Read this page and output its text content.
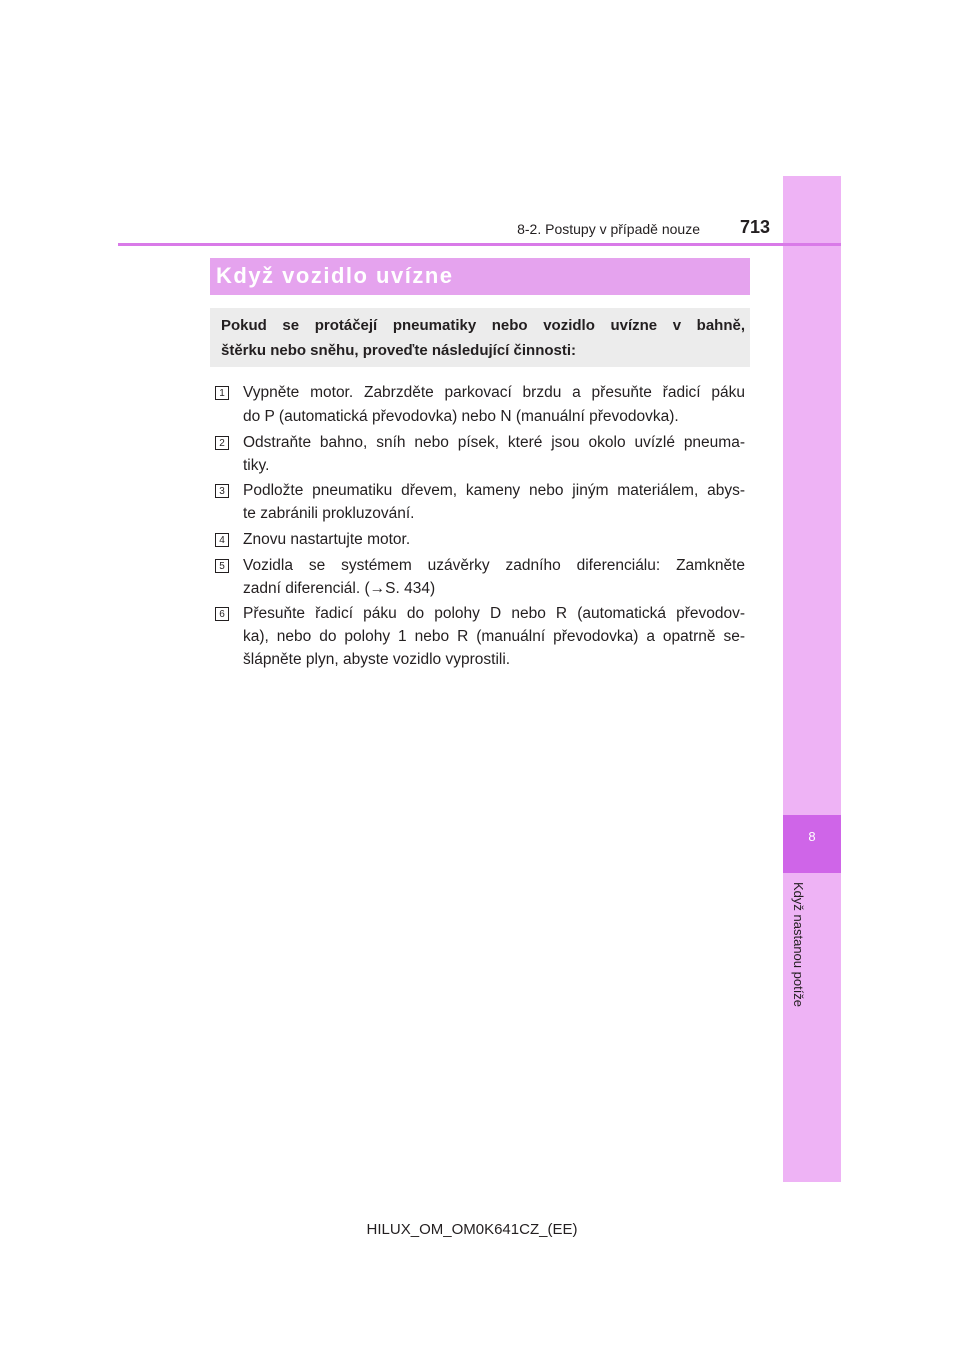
8
Když nastanou potíže
8-2. Postupy v případě nouze 713
Když vozidlo uvízne
Pokud se protáčejí pneumatiky nebo vozidlo uvízne v bahně,
štěrku nebo sněhu, proveďte následující činnosti:
1 Vypněte motor. Zabrzděte parkovací brzdu a přesuňte řadicí páku
do P (automatická převodovka) nebo N (manuální převodovka).
2 Odstraňte bahno, sníh nebo písek, které jsou okolo uvízlé pneuma-
tiky.
3 Podložte pneumatiku dřevem, kameny nebo jiným materiálem, abys-
te zabránili prokluzování.
4 Znovu nastartujte motor.
5 Vozidla se systémem uzávěrky zadního diferenciálu: Zamkněte
zadní diferenciál. (→S. 434)
6 Přesuňte řadicí páku do polohy D nebo R (automatická převodov-
ka), nebo do polohy 1 nebo R (manuální převodovka) a opatrně se-
šlápněte plyn, abyste vozidlo vyprostili.
HILUX_OM_OM0K641CZ_(EE)
